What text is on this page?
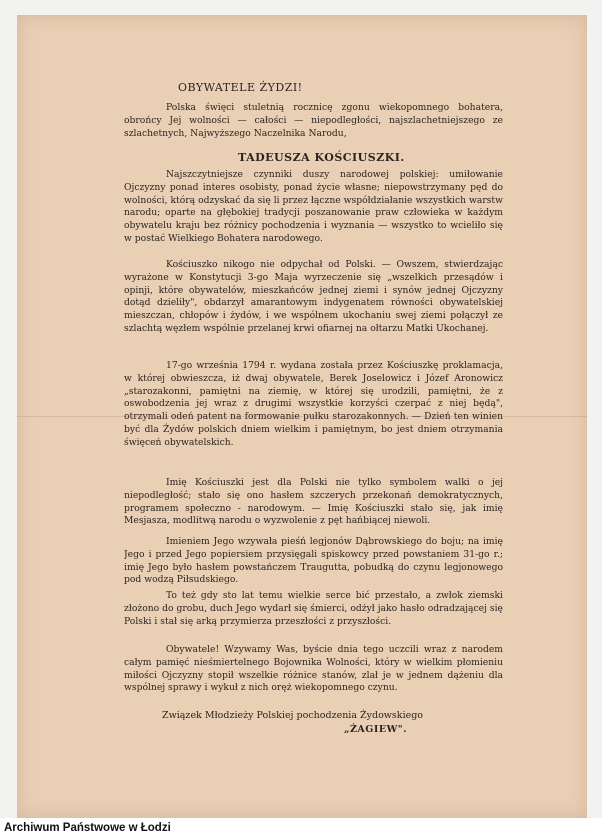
OBYWATELE ŻYDZI!

Polska święci stuletnią rocznicę zgonu wiekopomnego bohatera, obrońcy Jej wolności — całości — niepodległości, najszlachetniejszego ze szlachetnych, Najwyższego Naczelnika Narodu,

TADEUSZA KOŚCIUSZKI.

Najszczytniejsze czynniki duszy narodowej polskiej: umiłowanie Ojczyzny ponad interes osobisty, ponad życie własne; niepowstrzymany pęd do wolności, którą odzyskać da się li przez łączne współdziałanie wszystkich warstw narodu; oparte na głębokiej tradycji poszanowanie praw człowieka w każdym obywatelu kraju bez różnicy pochodzenia i wyznania — wszystko to wcieliło się w postać Wielkiego Bohatera narodowego.

Kościuszko nikogo nie odpychał od Polski. — Owszem, stwierdzając wyrażone w Konstytucji 3-go Maja wyrzeczenie się „wszelkich przesądów i opinji, które obywatelów, mieszkańców jednej ziemi i synów jednej Ojczyzny dotąd dzieliły", obdarzył amarantowym indygenatem równości obywatelskiej mieszczan, chłopów i żydów, i we wspólnem ukochaniu swej ziemi połączył ze szlachtą węzłem wspólnie przelanej krwi ofiarnej na ołtarzu Matki Ukochanej.

17-go września 1794 r. wydana została przez Kościuszkę proklamacja, w której obwieszcza, iż dwaj obywatele, Berek Joselowicz i Józef Aronowicz „starozakonni, pamiętni na ziemię, w której się urodzili, pamiętni, że z oswobodzenia jej wraz z drugimi wszystkie korzyści czerpać z niej będą", otrzymali odeń patent na formowanie pułku starozakonnych. — Dzień ten winien być dla Żydów polskich dniem wielkim i pamiętnym, bo jest dniem otrzymania święceń obywatelskich.

Imię Kościuszki jest dla Polski nie tylko symbolem walki o jej niepodległość; stało się ono hasłem szczerych przekonań demokratycznych, programem społeczno - narodowym. — Imię Kościuszki stało się, jak imię Mesjasza, modlitwą narodu o wyzwolenie z pęt hańbiącej niewoli.

Imieniem Jego wzywała pieśń legjonów Dąbrowskiego do boju; na imię Jego i przed Jego popiersiem przysięgali spiskowcy przed powstaniem 31-go r.; imię Jego było hasłem powstańczem Traugutta, pobudką do czynu legjonowego pod wodzą Piłsudskiego.

To też gdy sto lat temu wielkie serce bić przestało, a zwłok ziemski złożono do grobu, duch Jego wydarł się śmierci, odżył jako hasło odradzającej się Polski i stał się arką przymierza przeszłości z przyszłości.

Obywatele! Wzywamy Was, byście dnia tego uczcili wraz z narodem całym pamięć nieśmiertelnego Bojownika Wolności, który w wielkim płomieniu miłości Ojczyzny stopił wszelkie różnice stanów, zlał je w jednem dążeniu dla wspólnej sprawy i wykuł z nich oręż wiekopomnego czynu.

Związek Młodzieży Polskiej pochodzenia Żydowskiego
„ŻAGIEW".
Archiwum Państwowe w Łodzi
